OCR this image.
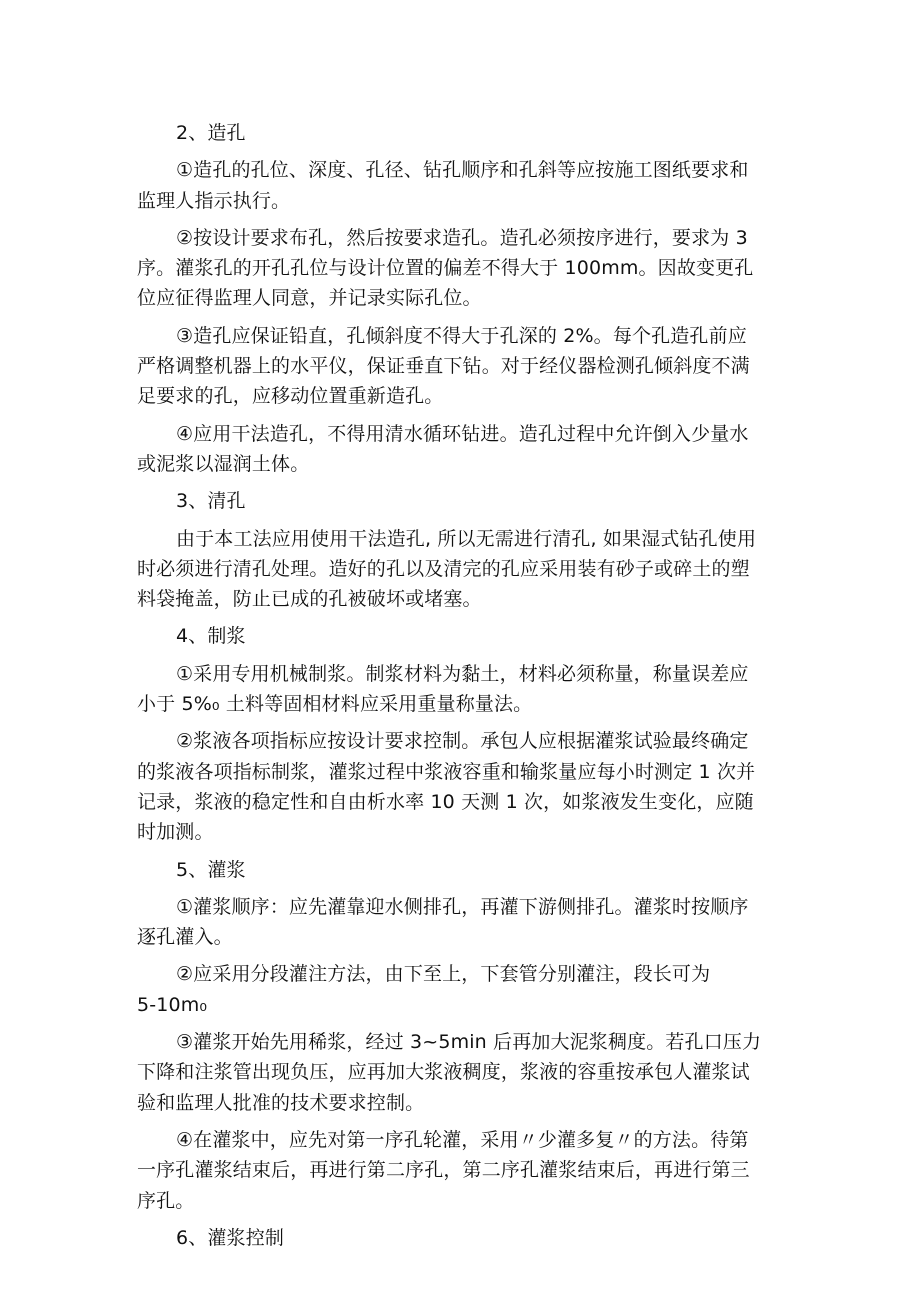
2、造孔
①造孔的孔位、深度、孔径、钻孔顺序和孔斜等应按施工图纸要求和
监理人指示执行。
②按设计要求布孔，然后按要求造孔。造孔必须按序进行，要求为 3
序。灌浆孔的开孔孔位与设计位置的偏差不得大于 100mm。因故变更孔
位应征得监理人同意，并记录实际孔位。
③造孔应保证铅直，孔倾斜度不得大于孔深的 2%。每个孔造孔前应
严格调整机器上的水平仪，保证垂直下钻。对于经仪器检测孔倾斜度不满
足要求的孔，应移动位置重新造孔。
④应用干法造孔，不得用清水循环钻进。造孔过程中允许倒入少量水
或泥浆以湿润土体。
3、清孔
由于本工法应用使用干法造孔, 所以无需进行清孔, 如果湿式钻孔使用
时必须进行清孔处理。造好的孔以及清完的孔应采用装有砂子或碎土的塑
料袋掩盖，防止已成的孔被破坏或堵塞。
4、制浆
①采用专用机械制浆。制浆材料为黏土，材料必须称量，称量误差应
小于 5%₀ 土料等固相材料应采用重量称量法。
②浆液各项指标应按设计要求控制。承包人应根据灌浆试验最终确定
的浆液各项指标制浆，灌浆过程中浆液容重和输浆量应每小时测定 1 次并
记录，浆液的稳定性和自由析水率 10 天测 1 次，如浆液发生变化，应随
时加测。
5、灌浆
①灌浆顺序：应先灌靠迎水侧排孔，再灌下游侧排孔。灌浆时按顺序
逐孔灌入。
②应采用分段灌注方法，由下至上，下套管分别灌注，段长可为
5-10m₀
③灌浆开始先用稀浆，经过 3~5min 后再加大泥浆稠度。若孔口压力
下降和注浆管出现负压，应再加大浆液稠度，浆液的容重按承包人灌浆试
验和监理人批准的技术要求控制。
④在灌浆中，应先对第一序孔轮灌，采用〃少灌多复〃的方法。待第
一序孔灌浆结束后，再进行第二序孔，第二序孔灌浆结束后，再进行第三
序孔。
6、灌浆控制
